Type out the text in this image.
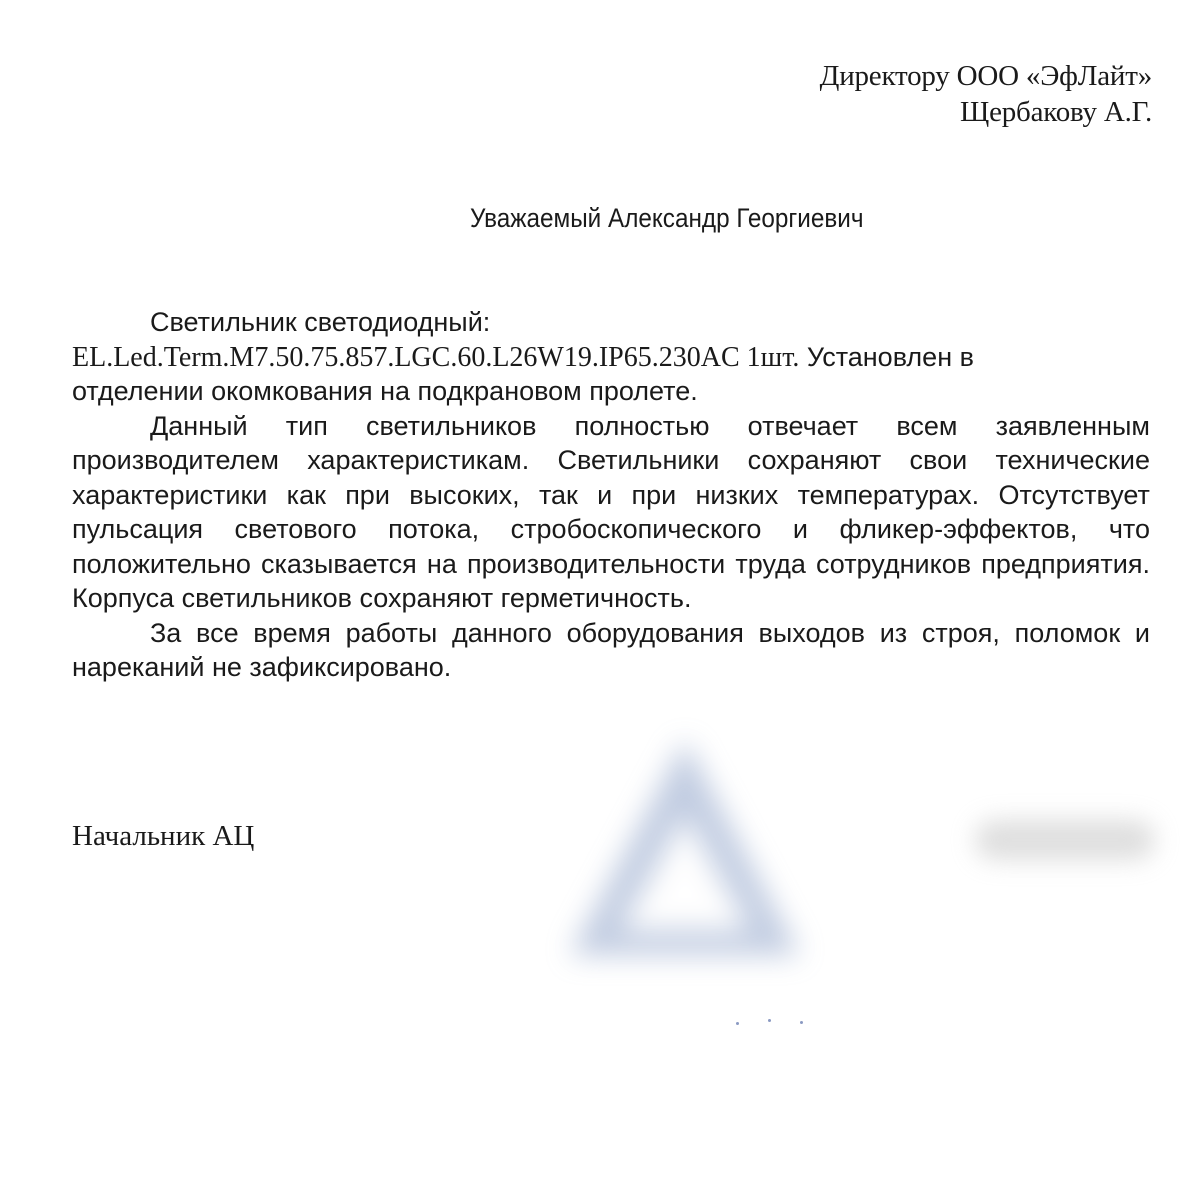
Директору ООО «ЭфЛайт»
Щербакову А.Г.
Уважаемый Александр Георгиевич
Светильник светодиодный:
EL.Led.Term.M7.50.75.857.LGC.60.L26W19.IP65.230AC 1шт. Установлен в
отделении окомкования на подкрановом пролете.
Данный тип светильников полностью отвечает всем заявленным
производителем характеристикам. Светильники сохраняют свои технические
характеристики как при высоких, так и при низких температурах. Отсутствует
пульсация светового потока, стробоскопического и фликер-эффектов, что
положительно сказывается на производительности труда сотрудников предприятия.
Корпуса светильников сохраняют герметичность.
За все время работы данного оборудования выходов из строя, поломок и
нареканий не зафиксировано.
Начальник АЦ
